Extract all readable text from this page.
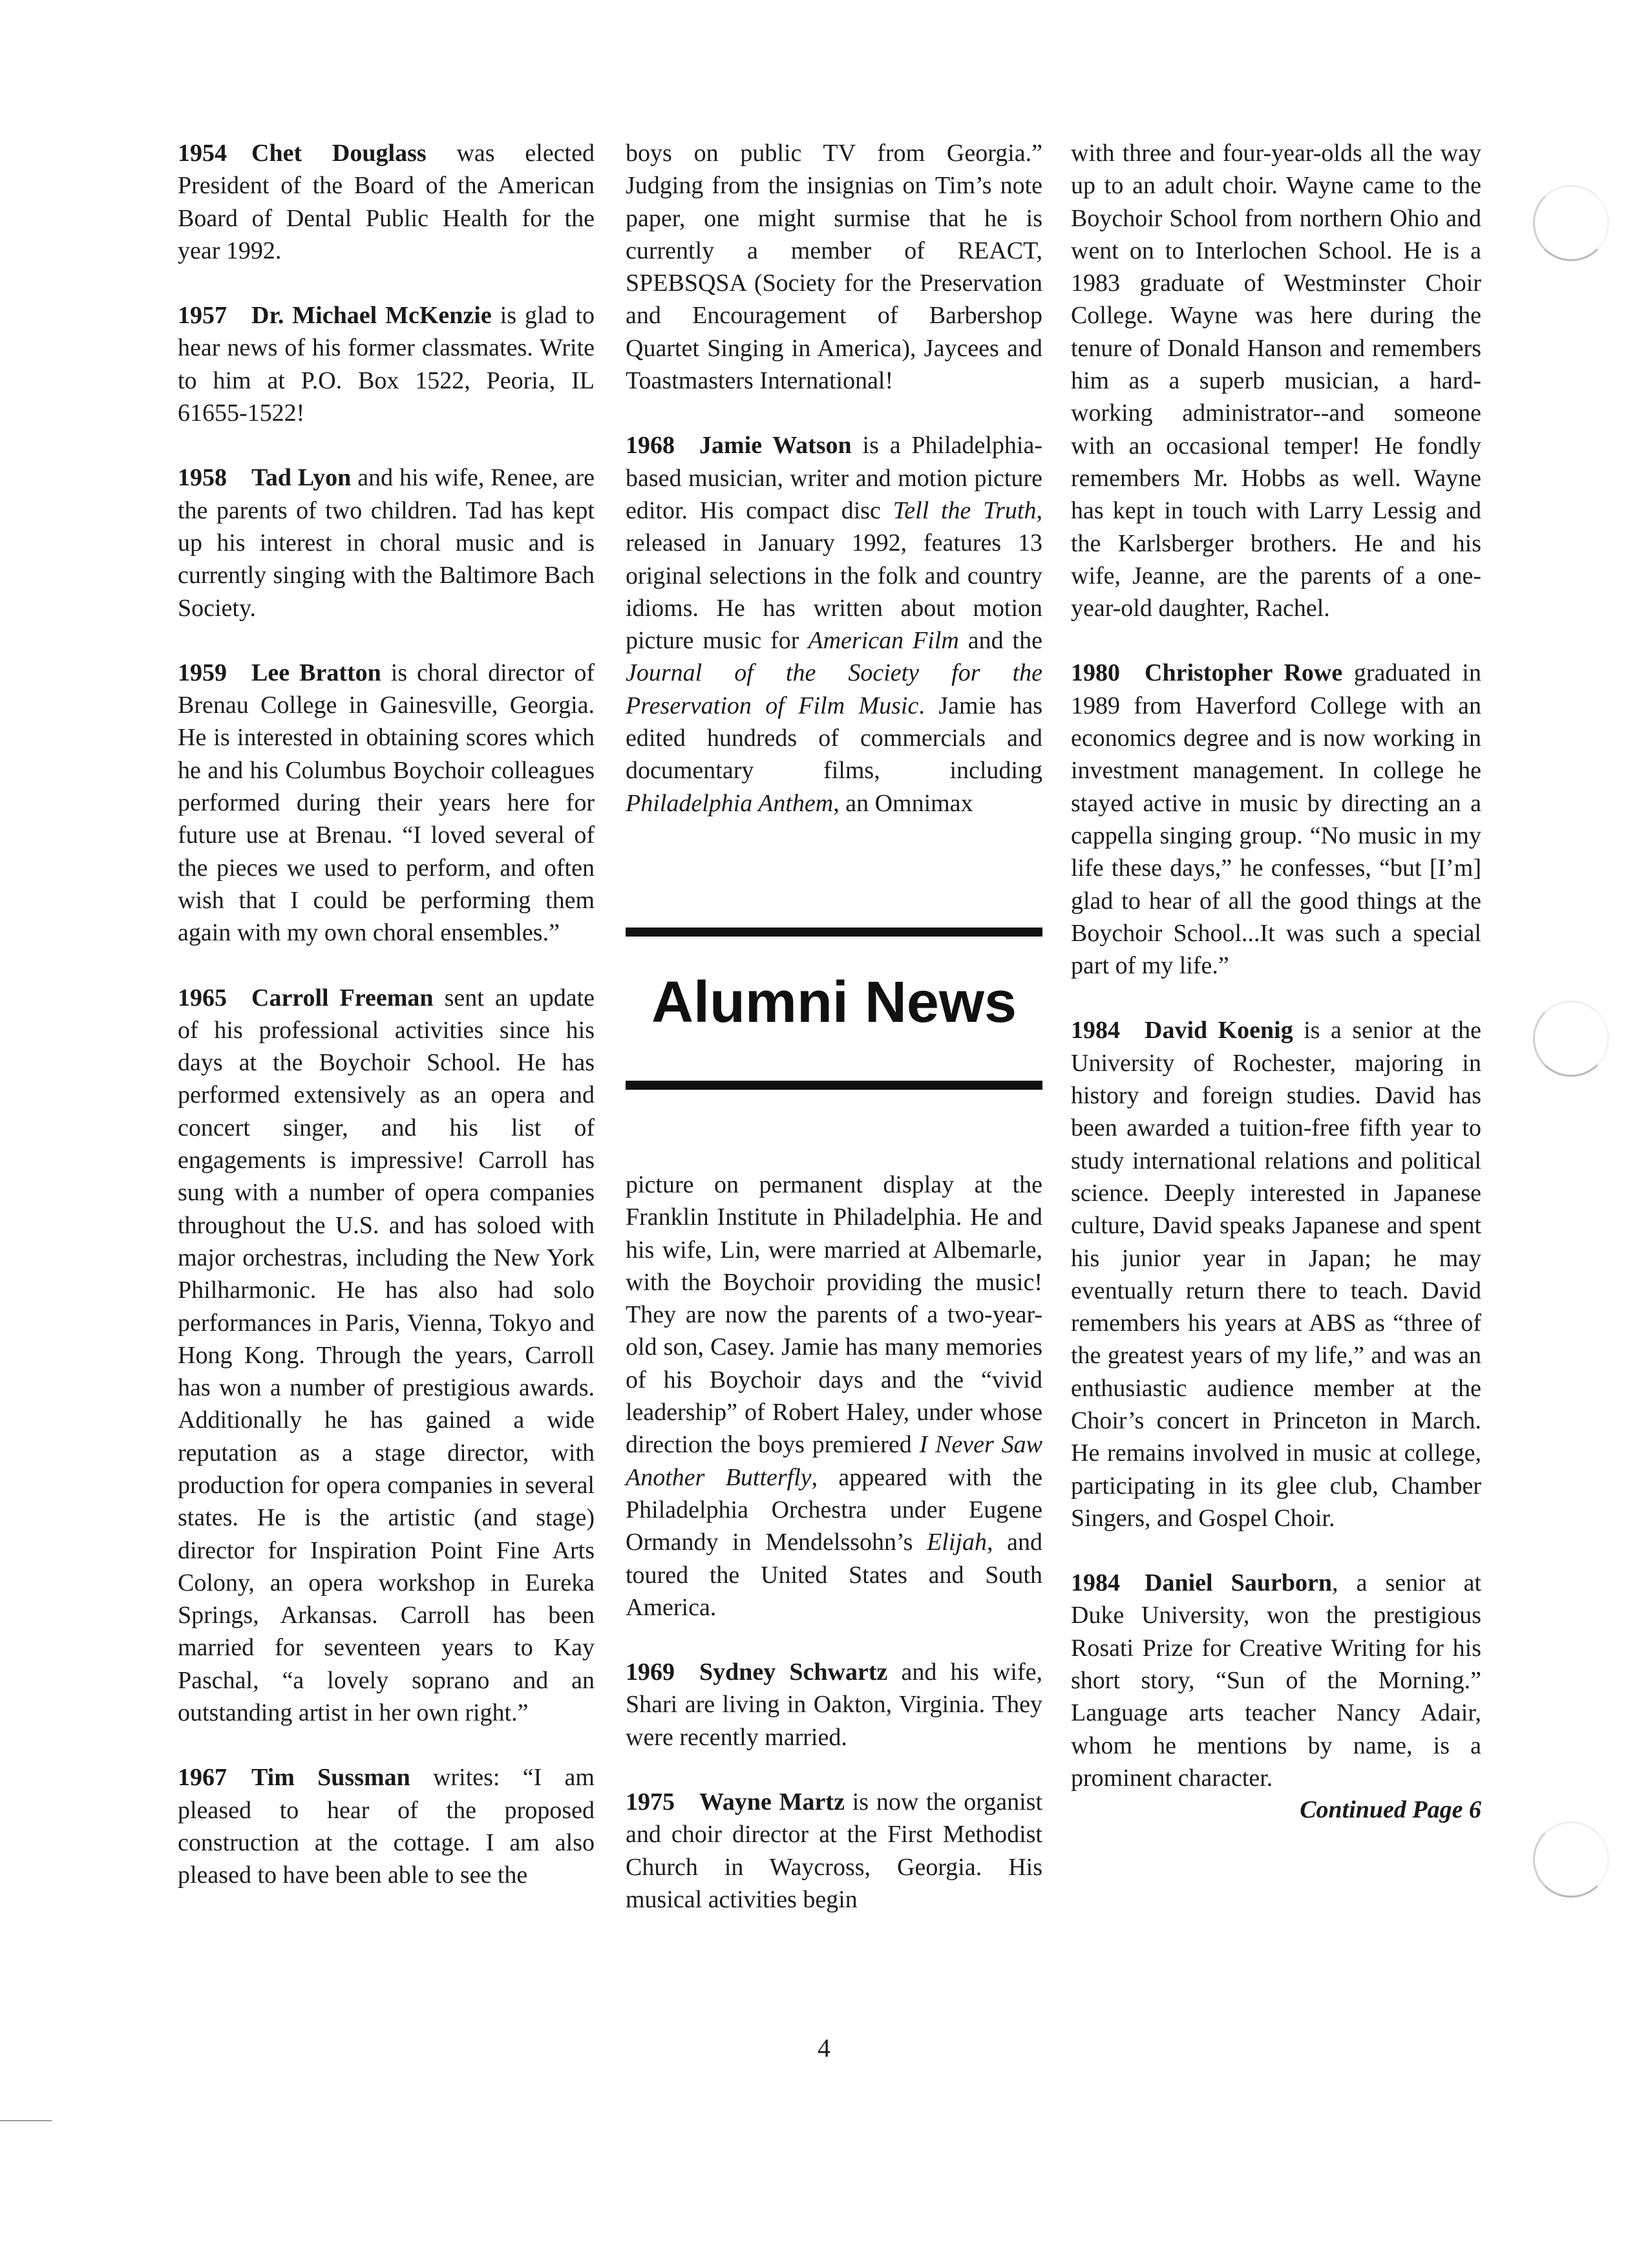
1954 Chet Douglass was elected President of the Board of the American Board of Dental Public Health for the year 1992.

1957 Dr. Michael McKenzie is glad to hear news of his former classmates. Write to him at P.O. Box 1522, Peoria, IL 61655-1522!

1958 Tad Lyon and his wife, Renee, are the parents of two children. Tad has kept up his interest in choral music and is currently singing with the Baltimore Bach Society.

1959 Lee Bratton is choral director of Brenau College in Gainesville, Georgia. He is interested in obtaining scores which he and his Columbus Boychoir colleagues performed during their years here for future use at Brenau. “I loved several of the pieces we used to perform, and often wish that I could be performing them again with my own choral ensembles.”

1965 Carroll Freeman sent an update of his professional activities since his days at the Boychoir School. He has performed extensively as an opera and concert singer, and his list of engagements is impressive! Carroll has sung with a number of opera companies throughout the U.S. and has soloed with major orchestras, including the New York Philharmonic. He has also had solo performances in Paris, Vienna, Tokyo and Hong Kong. Through the years, Carroll has won a number of prestigious awards. Additionally he has gained a wide reputation as a stage director, with production for opera companies in several states. He is the artistic (and stage) director for Inspiration Point Fine Arts Colony, an opera workshop in Eureka Springs, Arkansas. Carroll has been married for seventeen years to Kay Paschal, “a lovely soprano and an outstanding artist in her own right.”

1967 Tim Sussman writes: “I am pleased to hear of the proposed construction at the cottage. I am also pleased to have been able to see the

boys on public TV from Georgia.” Judging from the insignias on Tim’s note paper, one might surmise that he is currently a member of REACT, SPEBSQSA (Society for the Preservation and Encouragement of Barbershop Quartet Singing in America), Jaycees and Toastmasters International!

1968 Jamie Watson is a Philadelphia-based musician, writer and motion picture editor. His compact disc Tell the Truth, released in January 1992, features 13 original selections in the folk and country idioms. He has written about motion picture music for American Film and the Journal of the Society for the Preservation of Film Music. Jamie has edited hundreds of commercials and documentary films, including Philadelphia Anthem, an Omnimax

Alumni News

picture on permanent display at the Franklin Institute in Philadelphia. He and his wife, Lin, were married at Albemarle, with the Boychoir providing the music! They are now the parents of a two-year-old son, Casey. Jamie has many memories of his Boychoir days and the “vivid leadership” of Robert Haley, under whose direction the boys premiered I Never Saw Another Butterfly, appeared with the Philadelphia Orchestra under Eugene Ormandy in Mendelssohn’s Elijah, and toured the United States and South America.

1969 Sydney Schwartz and his wife, Shari are living in Oakton, Virginia. They were recently married.

1975 Wayne Martz is now the organist and choir director at the First Methodist Church in Waycross, Georgia. His musical activities begin

with three and four-year-olds all the way up to an adult choir. Wayne came to the Boychoir School from northern Ohio and went on to Interlochen School. He is a 1983 graduate of Westminster Choir College. Wayne was here during the tenure of Donald Hanson and remembers him as a superb musician, a hard-working administrator--and someone with an occasional temper! He fondly remembers Mr. Hobbs as well. Wayne has kept in touch with Larry Lessig and the Karlsberger brothers. He and his wife, Jeanne, are the parents of a one-year-old daughter, Rachel.

1980 Christopher Rowe graduated in 1989 from Haverford College with an economics degree and is now working in investment management. In college he stayed active in music by directing an a cappella singing group. “No music in my life these days,” he confesses, “but [I’m] glad to hear of all the good things at the Boychoir School...It was such a special part of my life.”

1984 David Koenig is a senior at the University of Rochester, majoring in history and foreign studies. David has been awarded a tuition-free fifth year to study international relations and political science. Deeply interested in Japanese culture, David speaks Japanese and spent his junior year in Japan; he may eventually return there to teach. David remembers his years at ABS as “three of the greatest years of my life,” and was an enthusiastic audience member at the Choir’s concert in Princeton in March. He remains involved in music at college, participating in its glee club, Chamber Singers, and Gospel Choir.

1984 Daniel Saurborn, a senior at Duke University, won the prestigious Rosati Prize for Creative Writing for his short story, “Sun of the Morning.” Language arts teacher Nancy Adair, whom he mentions by name, is a prominent character.

Continued Page 6
4
